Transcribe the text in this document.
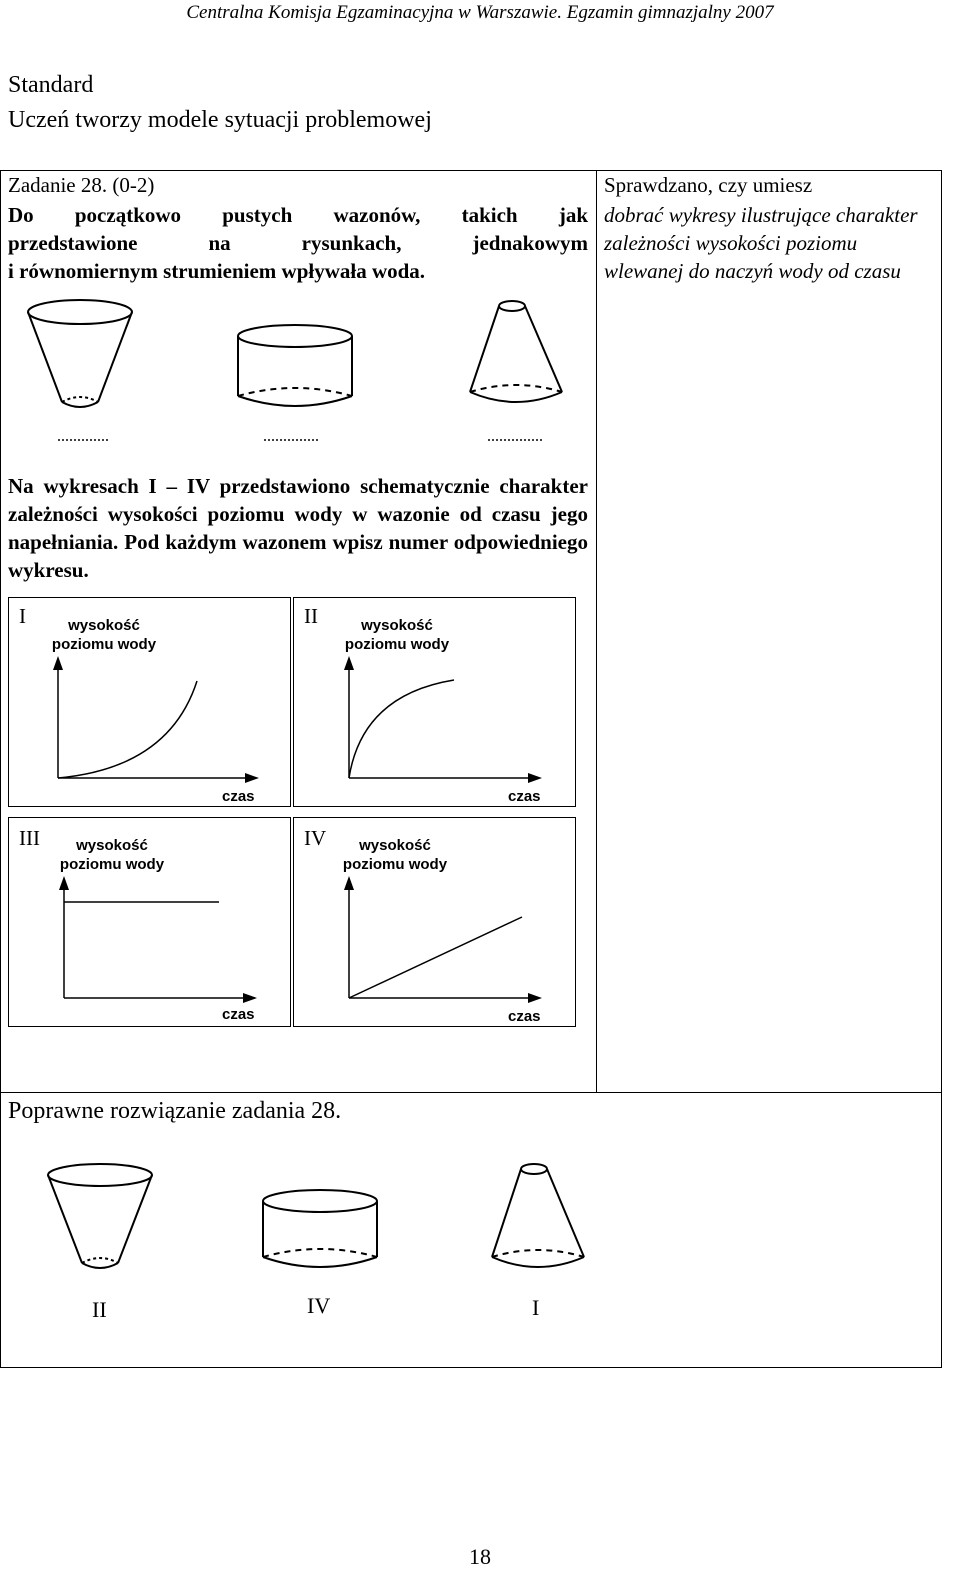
Centralna Komisja Egzaminacyjna w Warszawie. Egzamin gimnazjalny 2007
Standard
Uczeń tworzy modele sytuacji problemowej
Zadanie 28. (0-2)
Do początkowo pustych wazonów, takich jak
przedstawione na rysunkach, jednakowym
i równomiernym strumieniem wpływała woda.
Sprawdzano, czy umiesz
dobrać wykresy ilustrujące charakter zależności wysokości poziomu wlewanej do naczyń wody od czasu
Na wykresach I – IV przedstawiono schematycznie charakter zależności wysokości poziomu wody w wazonie od czasu jego napełniania. Pod każdym wazonem wpisz numer odpowiedniego wykresu.
I	wysokość
poziomu wody
czas
II	wysokość
poziomu wody
czas
III	wysokość
poziomu wody
czas
IV	wysokość
poziomu wody
czas
Poprawne rozwiązanie zadania 28.
II	IV	I
18
